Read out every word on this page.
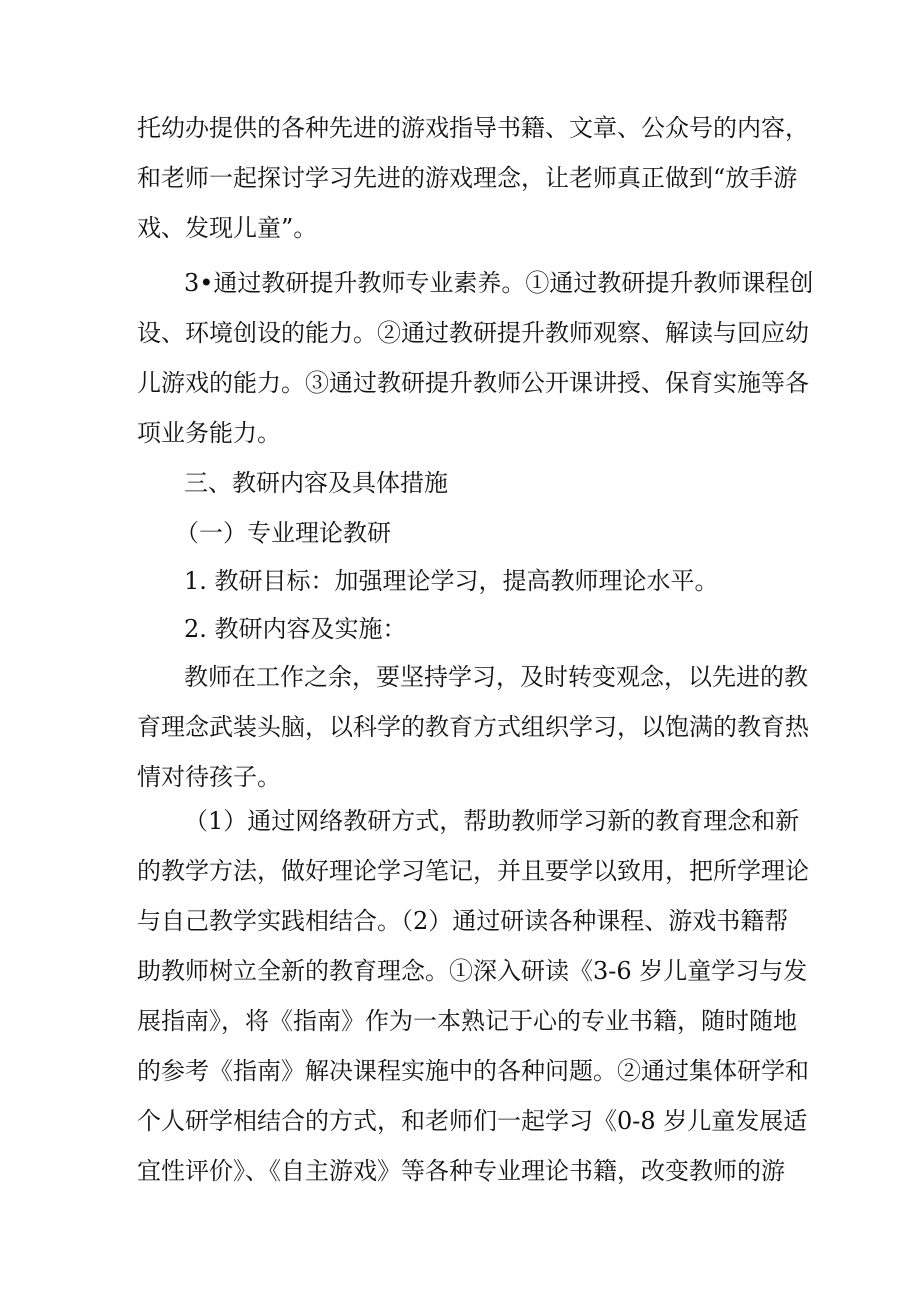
托幼办提供的各种先进的游戏指导书籍、文章、公众号的内容，
和老师一起探讨学习先进的游戏理念，让老师真正做到“放手游
戏、发现儿童”。
3•通过教研提升教师专业素养。①通过教研提升教师课程创
设、环境创设的能力。②通过教研提升教师观察、解读与回应幼
儿游戏的能力。③通过教研提升教师公开课讲授、保育实施等各
项业务能力。
三、教研内容及具体措施
（一）专业理论教研
1. 教研目标：加强理论学习，提高教师理论水平。
2. 教研内容及实施：
教师在工作之余，要坚持学习，及时转变观念，以先进的教
育理念武装头脑，以科学的教育方式组织学习，以饱满的教育热
情对待孩子。
（1）通过网络教研方式，帮助教师学习新的教育理念和新
的教学方法，做好理论学习笔记，并且要学以致用，把所学理论
与自己教学实践相结合。（2）通过研读各种课程、游戏书籍帮
助教师树立全新的教育理念。①深入研读《3-6 岁儿童学习与发
展指南》，将《指南》作为一本熟记于心的专业书籍，随时随地
的参考《指南》解决课程实施中的各种问题。②通过集体研学和
个人研学相结合的方式，和老师们一起学习《0-8 岁儿童发展适
宜性评价》、《自主游戏》等各种专业理论书籍，改变教师的游
